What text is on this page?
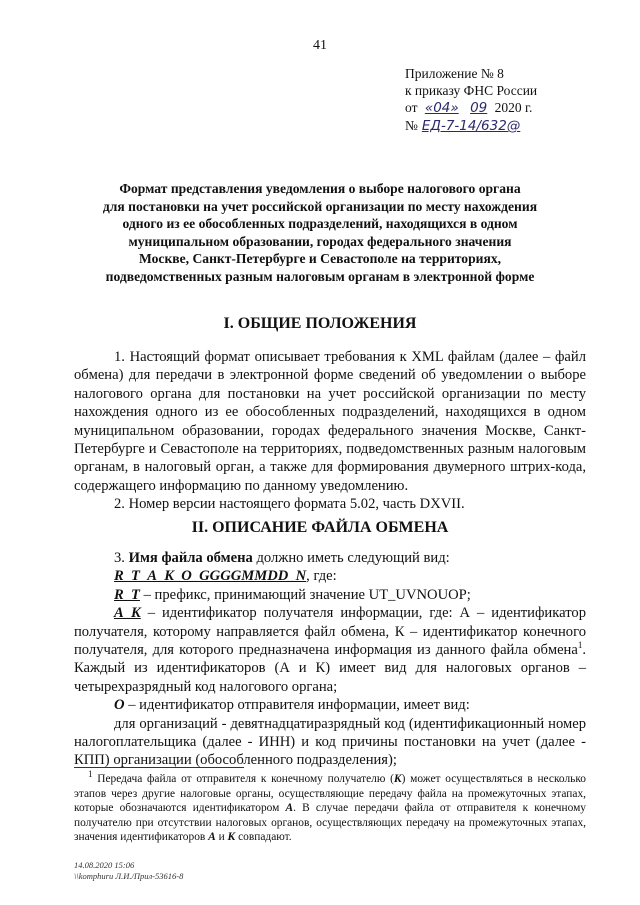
41
Приложение № 8
к приказу ФНС России
от «04» 09 2020 г.
№ ЕД-7-14/632@
Формат представления уведомления о выборе налогового органа
для постановки на учет российской организации по месту нахождения
одного из ее обособленных подразделений, находящихся в одном
муниципальном образовании, городах федерального значения
Москве, Санкт-Петербурге и Севастополе на территориях,
подведомственных разным налоговым органам в электронной форме
I. ОБЩИЕ ПОЛОЖЕНИЯ

1. Настоящий формат описывает требования к XML файлам (далее – файл обмена) для передачи в электронной форме сведений об уведомлении о выборе налогового органа для постановки на учет российской организации по месту нахождения одного из ее обособленных подразделений, находящихся в одном муниципальном образовании, городах федерального значения Москве, Санкт-Петербурге и Севастополе на территориях, подведомственных разным налоговым органам, в налоговый орган, а также для формирования двумерного штрих-кода, содержащего информацию по данному уведомлению.

2. Номер версии настоящего формата 5.02, часть DXVII.

II. ОПИСАНИЕ ФАЙЛА ОБМЕНА

3. Имя файла обмена должно иметь следующий вид:

R_T_A_K_O_GGGGMMDD_N, где:

R_T – префикс, принимающий значение UT_UVNOUOP;

A_K – идентификатор получателя информации, где: А – идентификатор получателя, которому направляется файл обмена, К – идентификатор конечного получателя, для которого предназначена информация из данного файла обмена$^1$. Каждый из идентификаторов (А и К) имеет вид для налоговых органов – четырехразрядный код налогового органа;

O – идентификатор отправителя информации, имеет вид:

для организаций - девятнадцатиразрядный код (идентификационный номер налогоплательщика (далее - ИНН) и код причины постановки на учет (далее - КПП) организации (обособленного подразделения);

$^1$ Передача файла от отправителя к конечному получателю (К) может осуществляться в несколько этапов через другие налоговые органы, осуществляющие передачу файла на промежуточных этапах, которые обозначаются идентификатором А. В случае передачи файла от отправителя к конечному получателю при отсутствии налоговых органов, осуществляющих передачу на промежуточных этапах, значения идентификаторов А и К совпадают.

14.08.2020 15:06
\\komphuru Л.И./Прил-53616-8
